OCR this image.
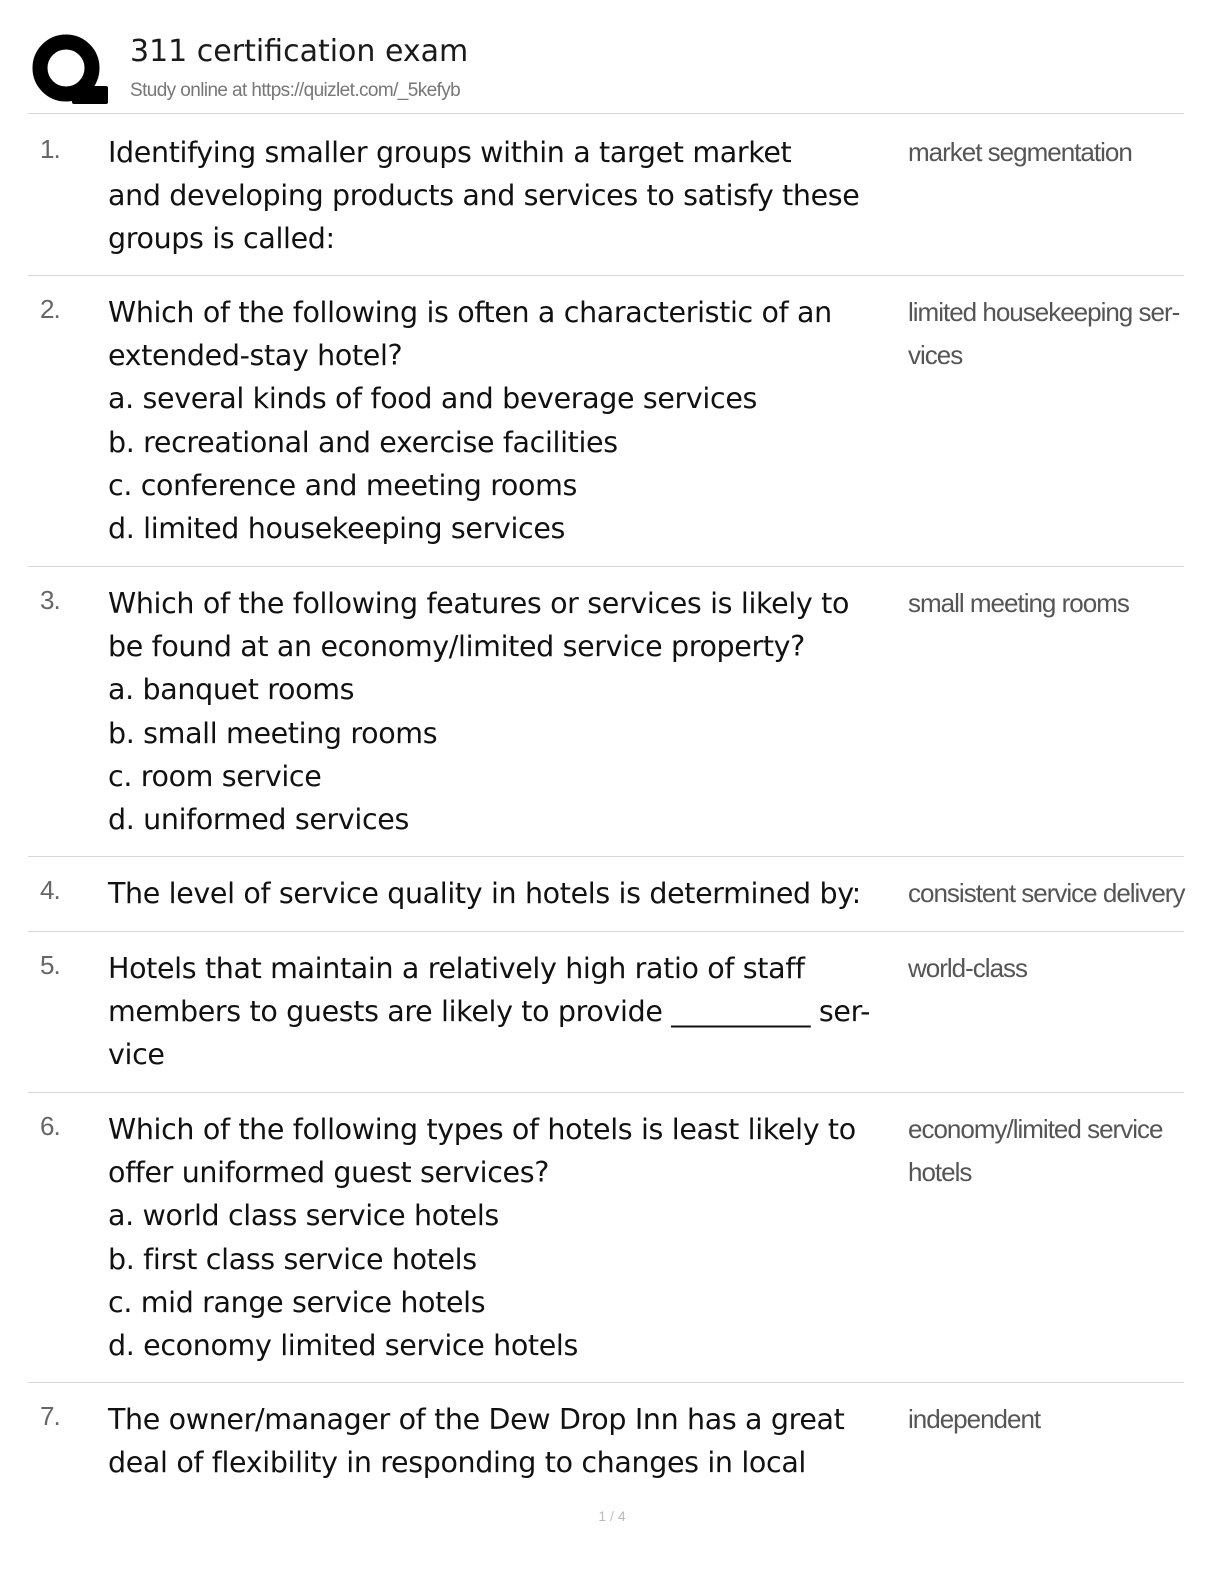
311 certification exam
Study online at https://quizlet.com/_5kefyb
1. Identifying smaller groups within a target market
and developing products and services to satisfy these
groups is called:
market segmentation
2. Which of the following is often a characteristic of an
extended-stay hotel?
a. several kinds of food and beverage services
b. recreational and exercise facilities
c. conference and meeting rooms
d. limited housekeeping services
limited housekeeping ser-
vices
3. Which of the following features or services is likely to
be found at an economy/limited service property?
a. banquet rooms
b. small meeting rooms
c. room service
d. uniformed services
small meeting rooms
4. The level of service quality in hotels is determined by:	consistent service delivery
5. Hotels that maintain a relatively high ratio of staff
members to guests are likely to provide __________ ser-
vice
world-class
6. Which of the following types of hotels is least likely to
offer uniformed guest services?
a. world class service hotels
b. first class service hotels
c. mid range service hotels
d. economy limited service hotels
economy/limited service
hotels
7. The owner/manager of the Dew Drop Inn has a great
deal of flexibility in responding to changes in local
independent
1 / 4
